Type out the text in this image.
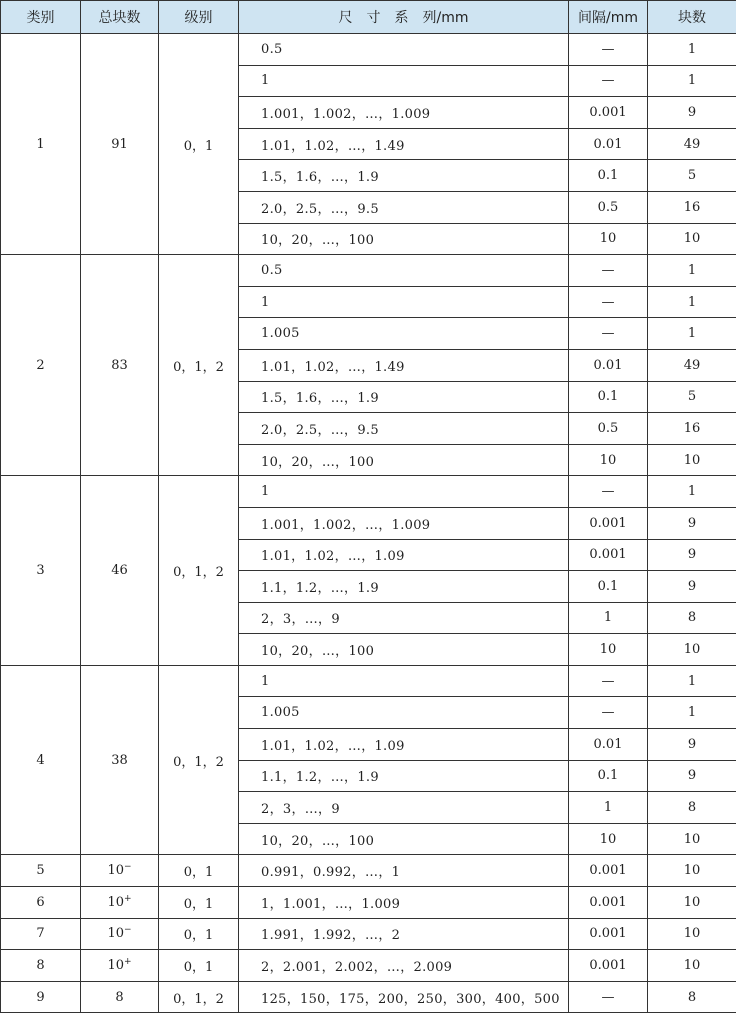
类别	总块数	级别	尺　寸　系　列/mm	间隔/mm	块数
1	91	0，1	0.5	—	1
			1	—	1
			1.001，1.002，…，1.009	0.001	9
			1.01，1.02，…，1.49	0.01	49
			1.5，1.6，…，1.9	0.1	5
			2.0，2.5，…，9.5	0.5	16
			10，20，…，100	10	10
2	83	0，1，2	0.5	—	1
			1	—	1
			1.005	—	1
			1.01，1.02，…，1.49	0.01	49
			1.5，1.6，…，1.9	0.1	5
			2.0，2.5，…，9.5	0.5	16
			10，20，…，100	10	10
3	46	0，1，2	1	—	1
			1.001，1.002，…，1.009	0.001	9
			1.01，1.02，…，1.09	0.001	9
			1.1，1.2，…，1.9	0.1	9
			2，3，…，9	1	8
			10，20，…，100	10	10
4	38	0，1，2	1	—	1
			1.005	—	1
			1.01，1.02，…，1.09	0.01	9
			1.1，1.2，…，1.9	0.1	9
			2，3，…，9	1	8
			10，20，…，100	10	10
5	10−	0，1	0.991，0.992，…，1	0.001	10
6	10+	0，1	1，1.001，…，1.009	0.001	10
7	10−	0，1	1.991，1.992，…，2	0.001	10
8	10+	0，1	2，2.001，2.002，…，2.009	0.001	10
9	8	0，1，2	125，150，175，200，250，300，400，500	—	8
